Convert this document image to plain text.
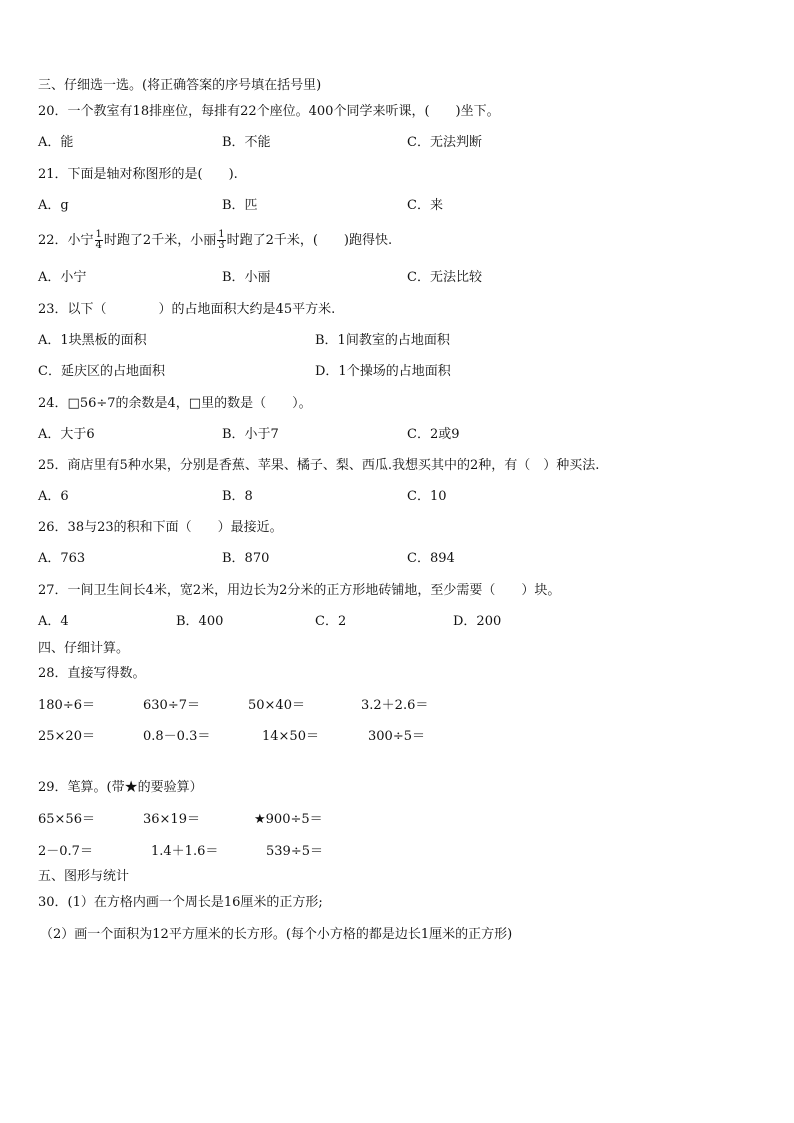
三、仔细选一选。(将正确答案的序号填在括号里)
20．一个教室有18排座位，每排有22个座位。400个同学来听课，(　　)坐下。
A．能	B．不能	C．无法判断
21．下面是轴对称图形的是(　　).
A．g	B．匹	C．来
22．小宁 $\frac{1}{4}$ 时跑了2千米，小丽 $\frac{1}{3}$ 时跑了2千米，(　　)跑得快.
A．小宁	B．小丽	C．无法比较
23．以下（　　　　）的占地面积大约是45平方米.
A．1块黑板的面积	B．1间教室的占地面积
C．延庆区的占地面积	D．1个操场的占地面积
24．□56÷7的余数是4，□里的数是（　　）。
A．大于6	B．小于7	C．2或9
25．商店里有5种水果，分别是香蕉、苹果、橘子、梨、西瓜.我想买其中的2种，有（　）种买法.
A．6	B．8	C．10
26．38与23的积和下面（　　）最接近。
A．763	B．870	C．894
27．一间卫生间长4米，宽2米，用边长为2分米的正方形地砖铺地，至少需要（　　）块。
A．4	B．400	C．2	D．200
四、仔细计算。
28．直接写得数。
180÷6＝	630÷7＝	50×40＝	3.2＋2.6＝
25×20＝	0.8－0.3＝	14×50＝	300÷5＝
29．笔算。(带★的要验算）
65×56＝	36×19＝	★900÷5＝
2－0.7＝	1.4＋1.6＝	539÷5＝
五、图形与统计
30．(1）在方格内画一个周长是16厘米的正方形;
（2）画一个面积为12平方厘米的长方形。(每个小方格的都是边长1厘米的正方形)
